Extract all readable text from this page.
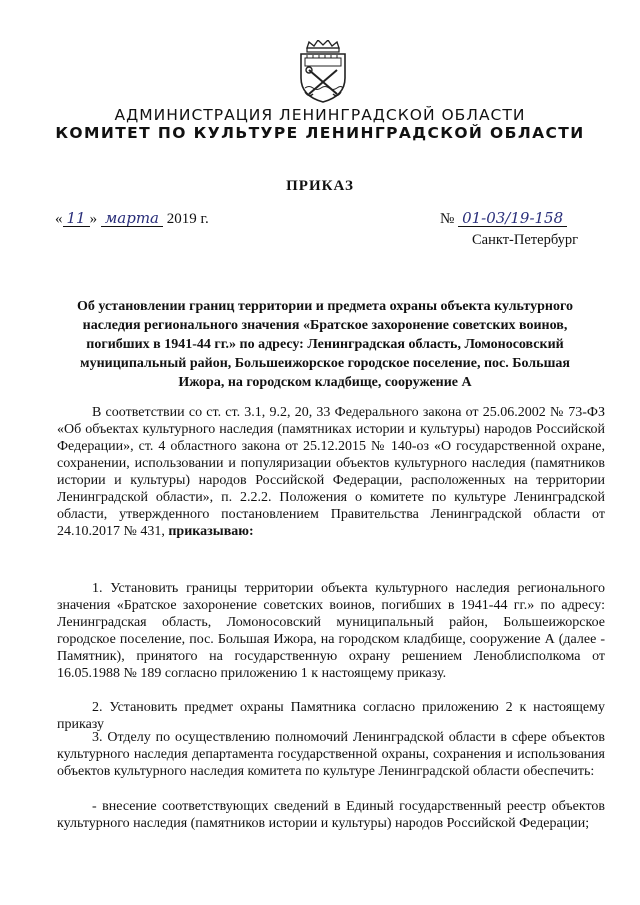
АДМИНИСТРАЦИЯ ЛЕНИНГРАДСКОЙ ОБЛАСТИ
КОМИТЕТ ПО КУЛЬТУРЕ ЛЕНИНГРАДСКОЙ ОБЛАСТИ
ПРИКАЗ
« 11 » марта 2019 г.	№ 01-03/19-158
Санкт-Петербург
Об установлении границ территории и предмета охраны объекта культурного наследия регионального значения «Братское захоронение советских воинов, погибших в 1941-44 гг.» по адресу: Ленинградская область, Ломоносовский муниципальный район, Большеижорское городское поселение, пос. Большая Ижора, на городском кладбище, сооружение А

В соответствии со ст. ст. 3.1, 9.2, 20, 33 Федерального закона от 25.06.2002 № 73-ФЗ «Об объектах культурного наследия (памятниках истории и культуры) народов Российской Федерации», ст. 4 областного закона от 25.12.2015 № 140-оз «О государственной охране, сохранении, использовании и популяризации объектов культурного наследия (памятников истории и культуры) народов Российской Федерации, расположенных на территории Ленинградской области», п. 2.2.2. Положения о комитете по культуре Ленинградской области, утвержденного постановлением Правительства Ленинградской области от 24.10.2017 № 431, приказываю:

1. Установить границы территории объекта культурного наследия регионального значения «Братское захоронение советских воинов, погибших в 1941-44 гг.» по адресу: Ленинградская область, Ломоносовский муниципальный район, Большеижорское городское поселение, пос. Большая Ижора, на городском кладбище, сооружение А (далее - Памятник), принятого на государственную охрану решением Леноблисполкома от 16.05.1988 № 189 согласно приложению 1 к настоящему приказу.
2. Установить предмет охраны Памятника согласно приложению 2 к настоящему приказу
3. Отделу по осуществлению полномочий Ленинградской области в сфере объектов культурного наследия департамента государственной охраны, сохранения и использования объектов культурного наследия комитета по культуре Ленинградской области обеспечить:
- внесение соответствующих сведений в Единый государственный реестр объектов культурного наследия (памятников истории и культуры) народов Российской Федерации;
